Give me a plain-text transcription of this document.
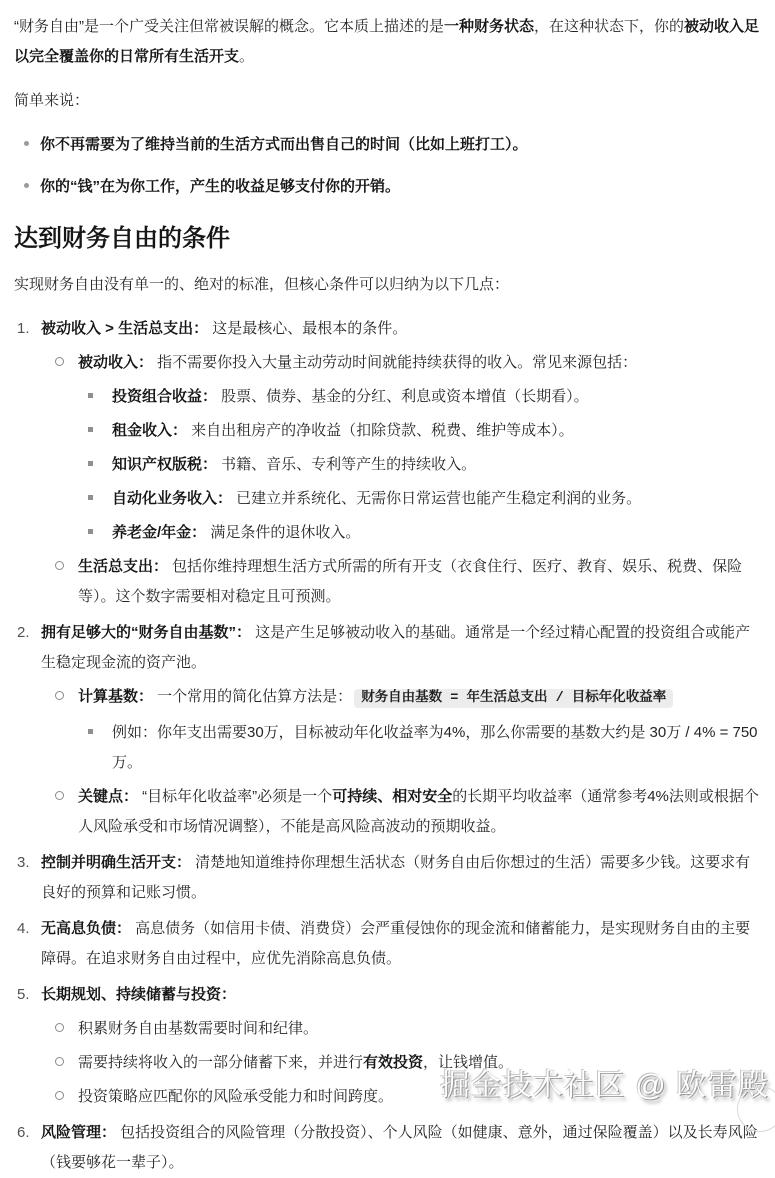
“财务自由”是一个广受关注但常被误解的概念。它本质上描述的是一种财务状态，在这种状态下，你的被动收入足以完全覆盖你的日常所有生活开支。

简单来说：

你不再需要为了维持当前的生活方式而出售自己的时间（比如上班打工）。
你的“钱”在为你工作，产生的收益足够支付你的开销。
达到财务自由的条件

实现财务自由没有单一的、绝对的标准，但核心条件可以归纳为以下几点：

1. 被动收入 > 生活总支出： 这是最核心、最根本的条件。
被动收入： 指不需要你投入大量主动劳动时间就能持续获得的收入。常见来源包括：
投资组合收益： 股票、债券、基金的分红、利息或资本增值（长期看）。
租金收入： 来自出租房产的净收益（扣除贷款、税费、维护等成本）。
知识产权版税： 书籍、音乐、专利等产生的持续收入。
自动化业务收入： 已建立并系统化、无需你日常运营也能产生稳定利润的业务。
养老金/年金： 满足条件的退休收入。
生活总支出： 包括你维持理想生活方式所需的所有开支（衣食住行、医疗、教育、娱乐、税费、保险等）。这个数字需要相对稳定且可预测。
2. 拥有足够大的“财务自由基数”： 这是产生足够被动收入的基础。通常是一个经过精心配置的投资组合或能产生稳定现金流的资产池。
计算基数： 一个常用的简化估算方法是： 财务自由基数 = 年生活总支出 / 目标年化收益率
例如：你年支出需要30万，目标被动年化收益率为4%，那么你需要的基数大约是 30万 / 4% = 750万。
关键点： “目标年化收益率”必须是一个可持续、相对安全的长期平均收益率（通常参考4%法则或根据个人风险承受和市场情况调整），不能是高风险高波动的预期收益。
3. 控制并明确生活开支： 清楚地知道维持你理想生活状态（财务自由后你想过的生活）需要多少钱。这要求有良好的预算和记账习惯。
4. 无高息负债： 高息债务（如信用卡债、消费贷）会严重侵蚀你的现金流和储蓄能力，是实现财务自由的主要障碍。在追求财务自由过程中，应优先消除高息负债。
5. 长期规划、持续储蓄与投资：
积累财务自由基数需要时间和纪律。
需要持续将收入的一部分储蓄下来，并进行有效投资，让钱增值。
投资策略应匹配你的风险承受能力和时间跨度。
6. 风险管理： 包括投资组合的风险管理（分散投资）、个人风险（如健康、意外，通过保险覆盖）以及长寿风险（钱要够花一辈子）。
掘金技术社区 @ 欧雷殿
